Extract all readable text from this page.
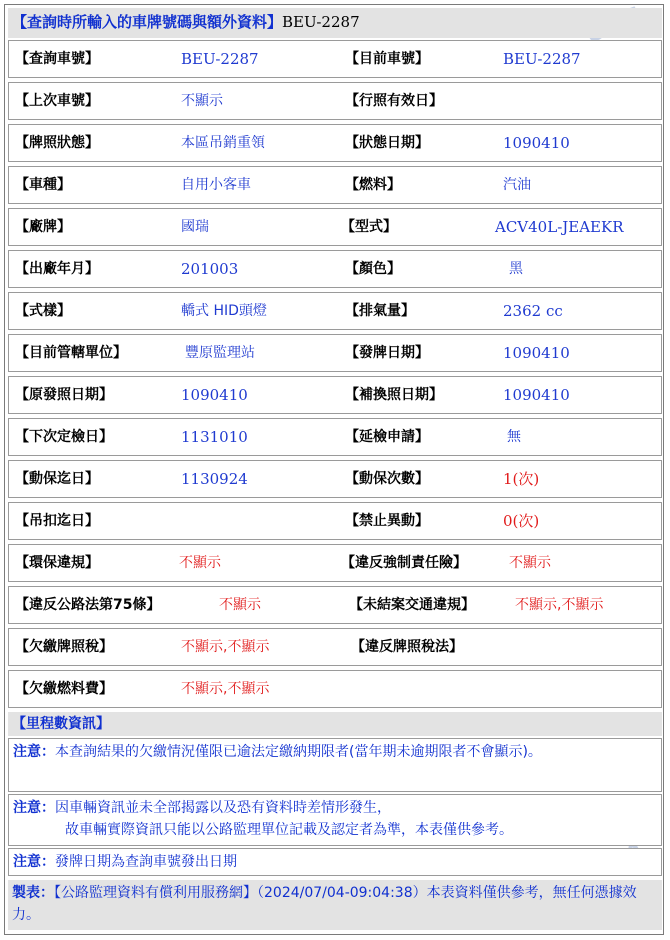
【查詢時所輸入的車牌號碼與額外資料】BEU-2287
【查詢車號】	BEU-2287	【目前車號】	BEU-2287
【上次車號】	不顯示	【行照有效日】
【牌照狀態】	本區吊銷重領	【狀態日期】	1090410
【車種】	自用小客車	【燃料】	汽油
【廠牌】	國瑞	【型式】	ACV40L-JEAEKR
【出廠年月】	201003	【顏色】	黑
【式樣】	轎式 HID頭燈	【排氣量】	2362 cc
【目前管轄單位】	豐原監理站	【發牌日期】	1090410
【原發照日期】	1090410	【補換照日期】	1090410
【下次定檢日】	1131010	【延檢申請】	無
【動保迄日】	1130924	【動保次數】	1(次)
【吊扣迄日】	【禁止異動】	0(次)
【環保違規】	不顯示	【違反強制責任險】	不顯示
【違反公路法第75條】	不顯示	【未結案交通違規】	不顯示,不顯示
【欠繳牌照稅】	不顯示,不顯示	【違反牌照稅法】
【欠繳燃料費】	不顯示,不顯示
【里程數資訊】
注意：本查詢結果的欠繳情況僅限已逾法定繳納期限者(當年期未逾期限者不會顯示)。
注意：因車輛資訊並未全部揭露以及恐有資料時差情形發生，
故車輛實際資訊只能以公路監理單位記載及認定者為準，本表僅供參考。
注意：發牌日期為查詢車號發出日期
製表：【公路監理資料有償利用服務網】（2024/07/04-09:04:38）本表資料僅供參考，無任何憑據效力。
